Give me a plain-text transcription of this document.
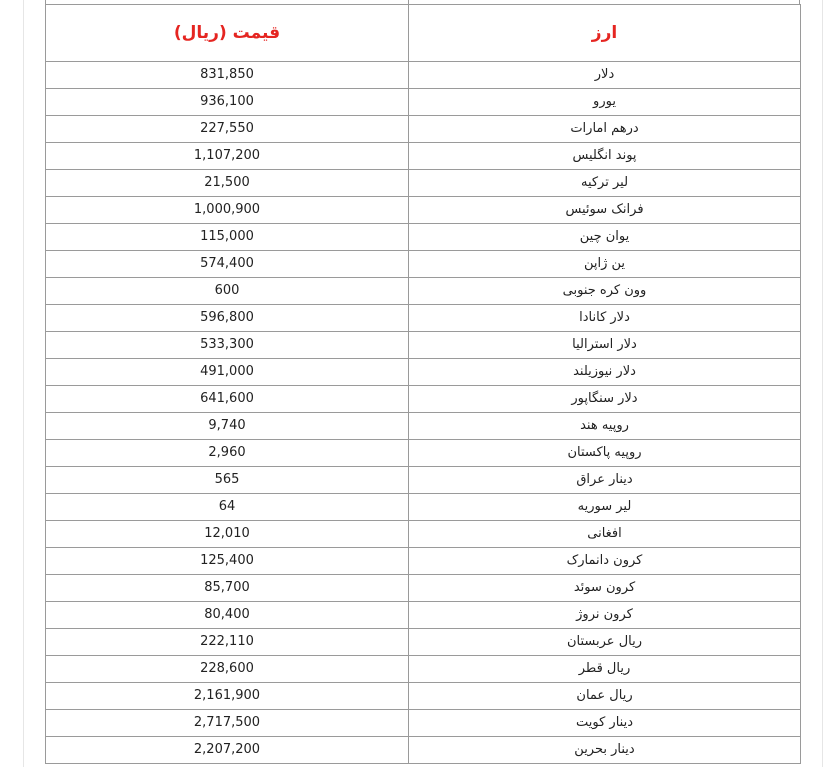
قیمت (ریال)	ارز
831,850	دلار
936,100	یورو
227,550	درهم امارات
1,107,200	پوند انگلیس
21,500	لیر ترکیه
1,000,900	فرانک سوئیس
115,000	یوان چین
574,400	ین ژاپن
600	وون کره جنوبی
596,800	دلار کانادا
533,300	دلار استرالیا
491,000	دلار نیوزیلند
641,600	دلار سنگاپور
9,740	روپیه هند
2,960	روپیه پاکستان
565	دینار عراق
64	لیر سوریه
12,010	افغانی
125,400	کرون دانمارک
85,700	کرون سوئد
80,400	کرون نروژ
222,110	ریال عربستان
228,600	ریال قطر
2,161,900	ریال عمان
2,717,500	دینار کویت
2,207,200	دینار بحرین
